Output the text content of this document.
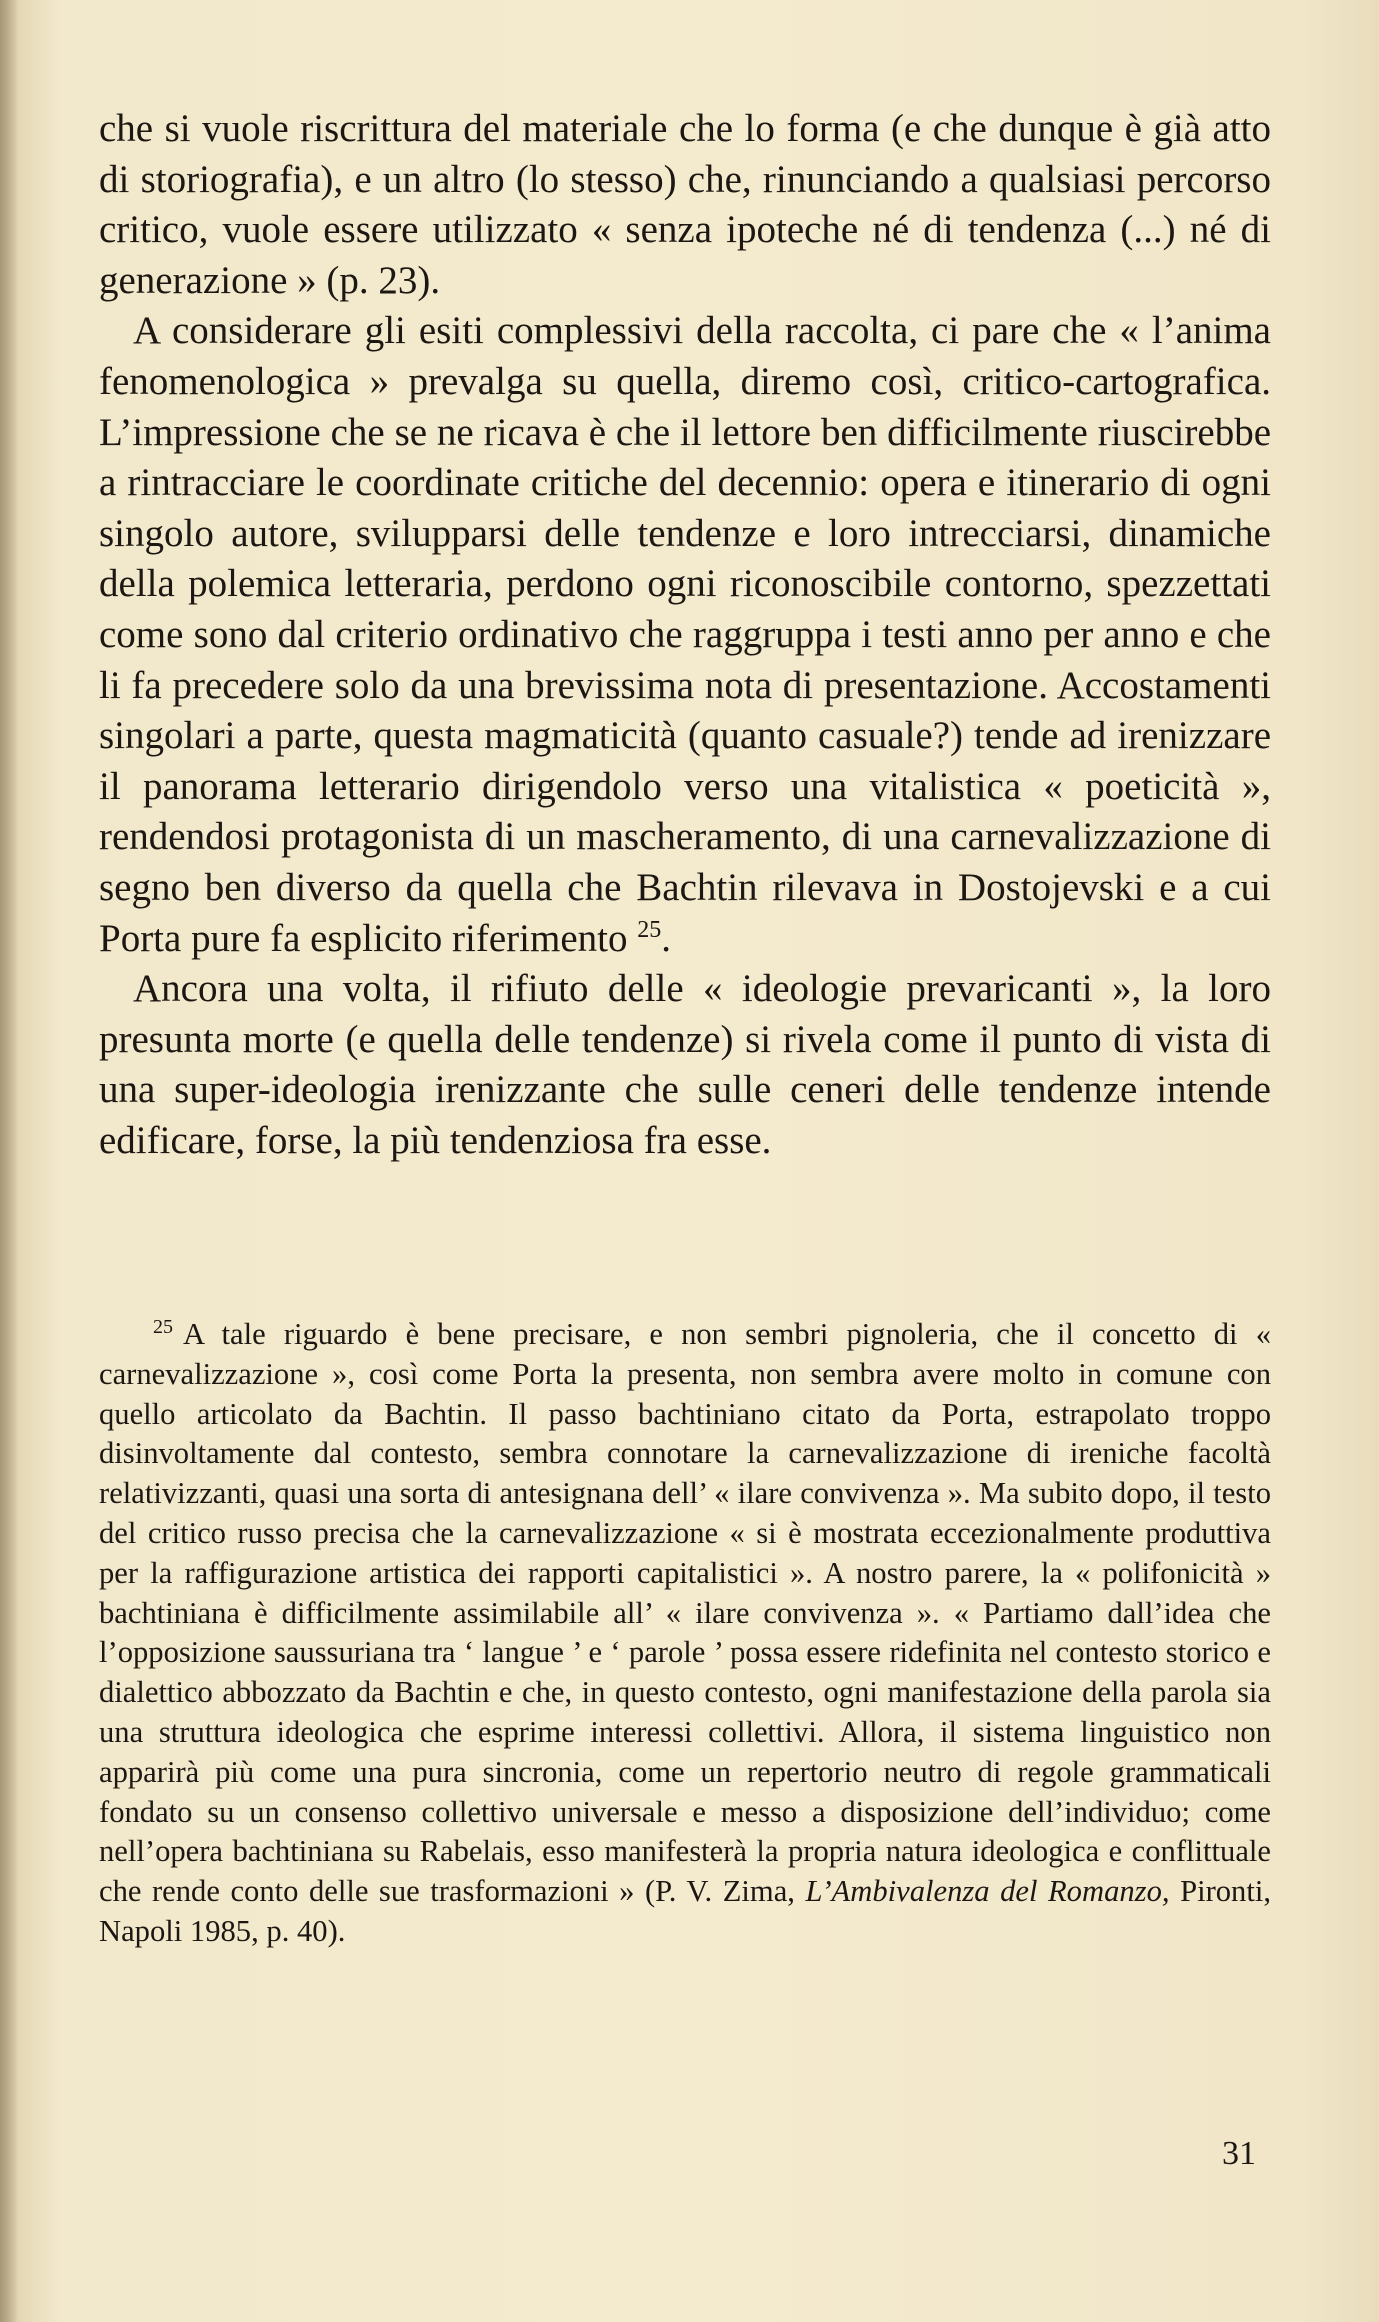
che si vuole riscrittura del materiale che lo forma (e che dunque è già atto di storiografia), e un altro (lo stesso) che, rinunciando a qualsiasi percorso critico, vuole essere utilizzato « senza ipoteche né di tendenza (...) né di generazione » (p. 23).

A considerare gli esiti complessivi della raccolta, ci pare che « l’anima fenomenologica » prevalga su quella, diremo così, critico-cartografica. L’impressione che se ne ricava è che il lettore ben difficilmente riuscirebbe a rintracciare le coordinate critiche del decennio: opera e itinerario di ogni singolo autore, svilupparsi delle tendenze e loro intrecciarsi, dinamiche della polemica letteraria, perdono ogni riconoscibile contorno, spezzettati come sono dal criterio ordinativo che raggruppa i testi anno per anno e che li fa precedere solo da una brevissima nota di presentazione. Accostamenti singolari a parte, questa magmaticità (quanto casuale?) tende ad irenizzare il panorama letterario dirigendolo verso una vitalistica « poeticità », rendendosi protagonista di un mascheramento, di una carnevalizzazione di segno ben diverso da quella che Bachtin rilevava in Dostojevski e a cui Porta pure fa esplicito riferimento $^{25}$.

Ancora una volta, il rifiuto delle « ideologie prevaricanti », la loro presunta morte (e quella delle tendenze) si rivela come il punto di vista di una super-ideologia irenizzante che sulle ceneri delle tendenze intende edificare, forse, la più tendenziosa fra esse.

$^{25}$ A tale riguardo è bene precisare, e non sembri pignoleria, che il concetto di « carnevalizzazione », così come Porta la presenta, non sembra avere molto in comune con quello articolato da Bachtin. Il passo bachtiniano citato da Porta, estrapolato troppo disinvoltamente dal contesto, sembra connotare la carnevalizzazione di ireniche facoltà relativizzanti, quasi una sorta di antesignana dell’ « ilare convivenza ». Ma subito dopo, il testo del critico russo precisa che la carnevalizzazione « si è mostrata eccezionalmente produttiva per la raffigurazione artistica dei rapporti capitalistici ». A nostro parere, la « polifonicità » bachtiniana è difficilmente assimilabile all’ « ilare convivenza ». « Partiamo dall’idea che l’opposizione saussuriana tra ‘ langue ’ e ‘ parole ’ possa essere ridefinita nel contesto storico e dialettico abbozzato da Bachtin e che, in questo contesto, ogni manifestazione della parola sia una struttura ideologica che esprime interessi collettivi. Allora, il sistema linguistico non apparirà più come una pura sincronia, come un repertorio neutro di regole grammaticali fondato su un consenso collettivo universale e messo a disposizione dell’individuo; come nell’opera bachtiniana su Rabelais, esso manifesterà la propria natura ideologica e conflittuale che rende conto delle sue trasformazioni » (P. V. Zima, L’Ambivalenza del Romanzo, Pironti, Napoli 1985, p. 40).

31
